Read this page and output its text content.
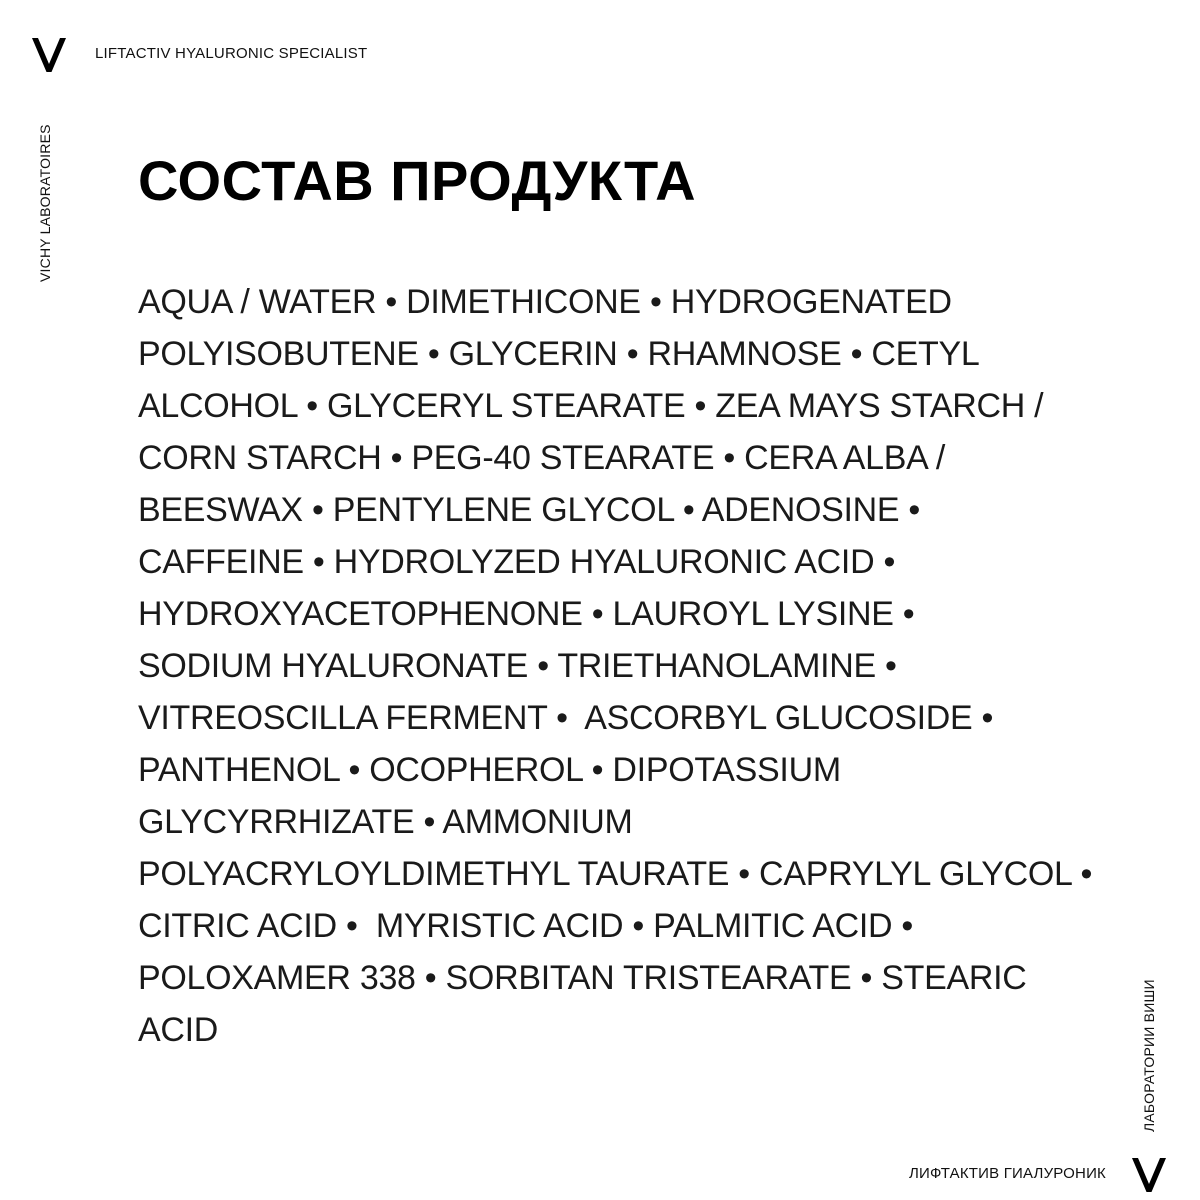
LIFTACTIV HYALURONIC SPECIALIST
VICHY LABORATOIRES СОСТАВ ПРОДУКТА
AQUA / WATER • DIMETHICONE • HYDROGENATED
POLYISOBUTENE • GLYCERIN • RHAMNOSE • CETYL
ALCOHOL • GLYCERYL STEARATE • ZEA MAYS STARCH /
CORN STARCH • PEG-40 STEARATE • CERA ALBA /
BEESWAX • PENTYLENE GLYCOL • ADENOSINE •
CAFFEINE • HYDROLYZED HYALURONIC ACID •
HYDROXYACETOPHENONE • LAUROYL LYSINE •
SODIUM HYALURONATE • TRIETHANOLAMINE •
VITREOSCILLA FERMENT •  ASCORBYL GLUCOSIDE •
PANTHENOL • OCOPHEROL • DIPOTASSIUM
GLYCYRRHIZATE • AMMONIUM
POLYACRYLOYLDIMETHYL TAURATE • CAPRYLYL GLYCOL •
CITRIC ACID •  MYRISTIC ACID • PALMITIC ACID •
POLOXAMER 338 • SORBITAN TRISTEARATE • STEARIC
ACID	ЛАБОРАТОРИИ ВИШИ
ЛИФТАКТИВ ГИАЛУРОНИК
